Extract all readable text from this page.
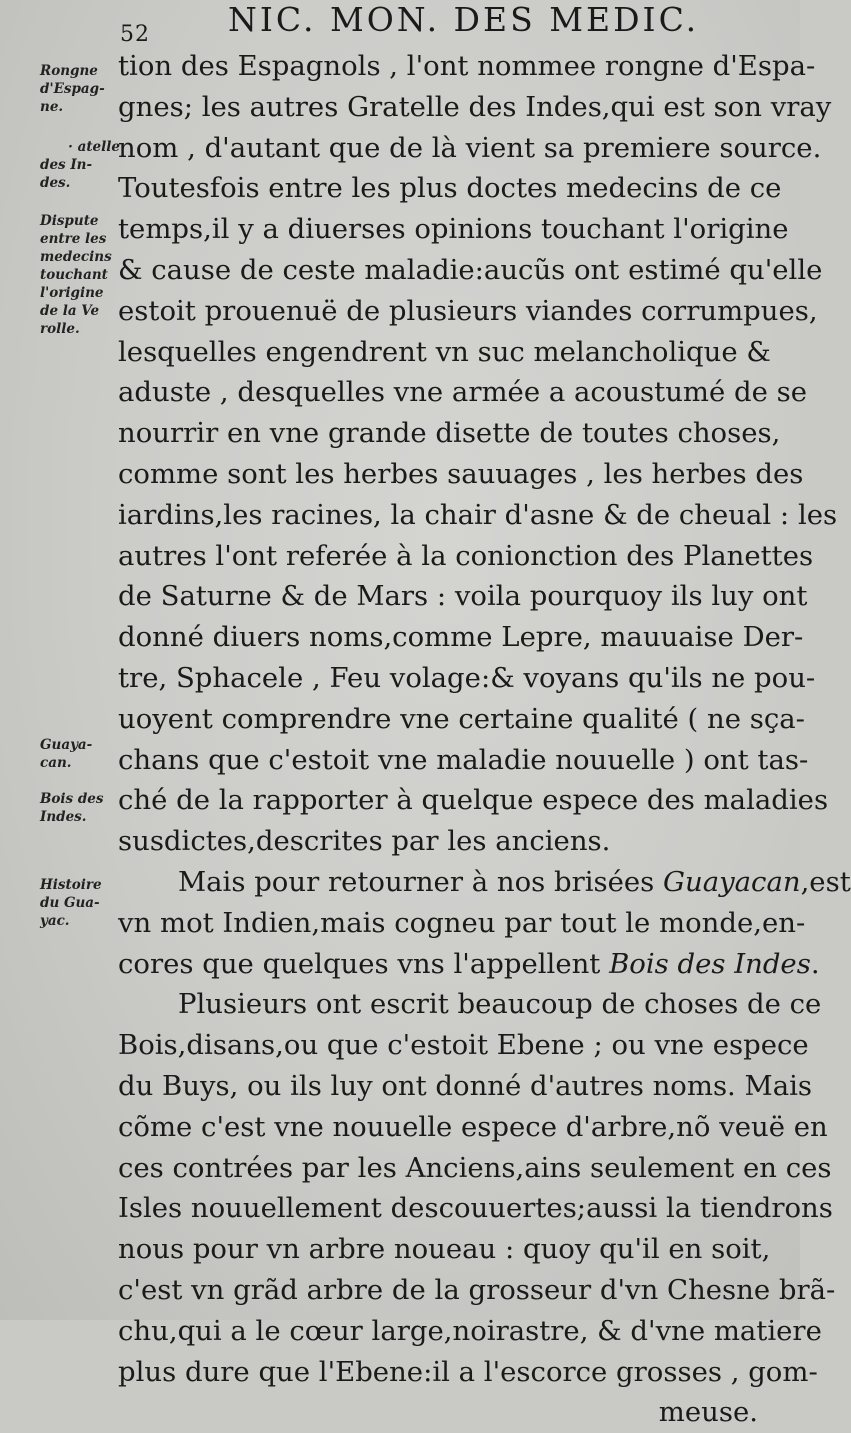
52 NIC. MON. DES MEDIC.
Rongne
d'Espag-
ne.
· atelle
des In-
des.
Dispute
entre les
medecins
touchant
l'origine
de la Ve
rolle.
Guaya-
can.
Bois des
Indes.
Histoire
du Gua-
yac.
tion des Espagnols , l'ont nommee rongne d'Espa-
gnes; les autres Gratelle des Indes,qui est son vray
nom , d'autant que de là vient sa premiere source.
Toutesfois entre les plus doctes medecins de ce
temps,il y a diuerses opinions touchant l'origine
& cause de ceste maladie:aucũs ont estimé qu'elle
estoit prouenuë de plusieurs viandes corrumpues,
lesquelles engendrent vn suc melancholique &
aduste , desquelles vne armée a acoustumé de se
nourrir en vne grande disette de toutes choses,
comme sont les herbes sauuages , les herbes des
iardins,les racines, la chair d'asne & de cheual : les
autres l'ont referée à la conionction des Planettes
de Saturne & de Mars : voila pourquoy ils luy ont
donné diuers noms,comme Lepre, mauuaise Der-
tre, Sphacele , Feu volage:& voyans qu'ils ne pou-
uoyent comprendre vne certaine qualité ( ne sça-
chans que c'estoit vne maladie nouuelle ) ont tas-
ché de la rapporter à quelque espece des maladies
susdictes,descrites par les anciens.
Mais pour retourner à nos brisées Guayacan,est
vn mot Indien,mais cogneu par tout le monde,en-
cores que quelques vns l'appellent Bois des Indes.
Plusieurs ont escrit beaucoup de choses de ce
Bois,disans,ou que c'estoit Ebene ; ou vne espece
du Buys, ou ils luy ont donné d'autres noms. Mais
cõme c'est vne nouuelle espece d'arbre,nõ veuë en
ces contrées par les Anciens,ains seulement en ces
Isles nouuellement descouuertes;aussi la tiendrons
nous pour vn arbre noueau : quoy qu'il en soit,
c'est vn grãd arbre de la grosseur d'vn Chesne brã-
chu,qui a le cœur large,noirastre, & d'vne matiere
plus dure que l'Ebene:il a l'escorce grosses , gom-
meuse.
